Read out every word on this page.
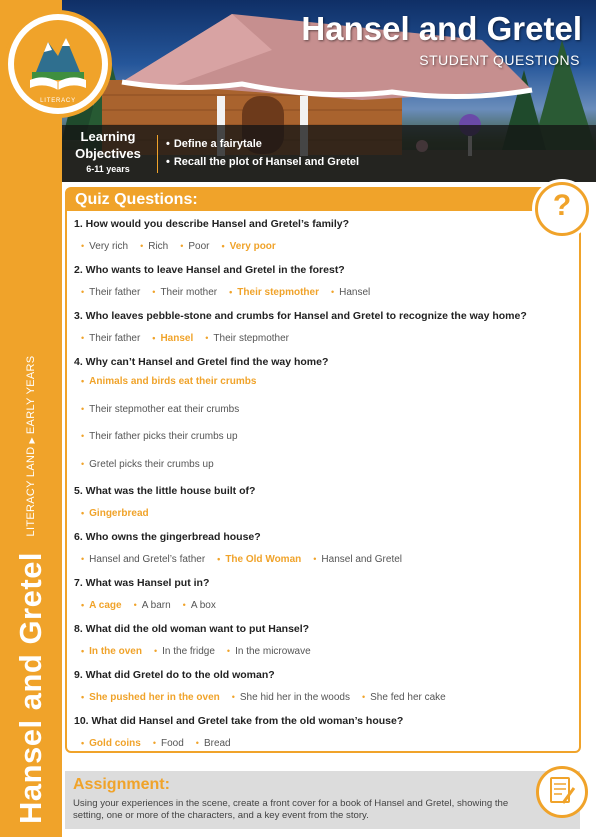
Hansel and Gretel
LITERACY LAND▶EARLY YEARS
LITERACY
Hansel and Gretel
STUDENT QUESTIONS
Learning
Objectives
6-11 years
• Define a fairytale
• Recall the plot of Hansel and Gretel
Quiz Questions:
1. How would you describe Hansel and Gretel’s family?
• Very rich • Rich • Poor • Very poor
2. Who wants to leave Hansel and Gretel in the forest?
• Their father • Their mother • Their stepmother • Hansel
3. Who leaves pebble-stone and crumbs for Hansel and Gretel to recognize the way home?
• Their father • Hansel • Their stepmother
4. Why can’t Hansel and Gretel find the way home?
• Animals and birds eat their crumbs
• Their stepmother eat their crumbs
• Their father picks their crumbs up
• Gretel picks their crumbs up
5. What was the little house built of?
• Gingerbread
6. Who owns the gingerbread house?
• Hansel and Gretel’s father • The Old Woman • Hansel and Gretel
7. What was Hansel put in?
• A cage • A barn • A box
8. What did the old woman want to put Hansel?
• In the oven • In the fridge • In the microwave
9. What did Gretel do to the old woman?
• She pushed her in the oven • She hid her in the woods • She fed her cake
10. What did Hansel and Gretel take from the old woman’s house?
• Gold coins • Food • Bread
?
Assignment:
Using your experiences in the scene, create a front cover for a book of Hansel and Gretel, showing the setting, one or more of the characters, and a key event from the story.
